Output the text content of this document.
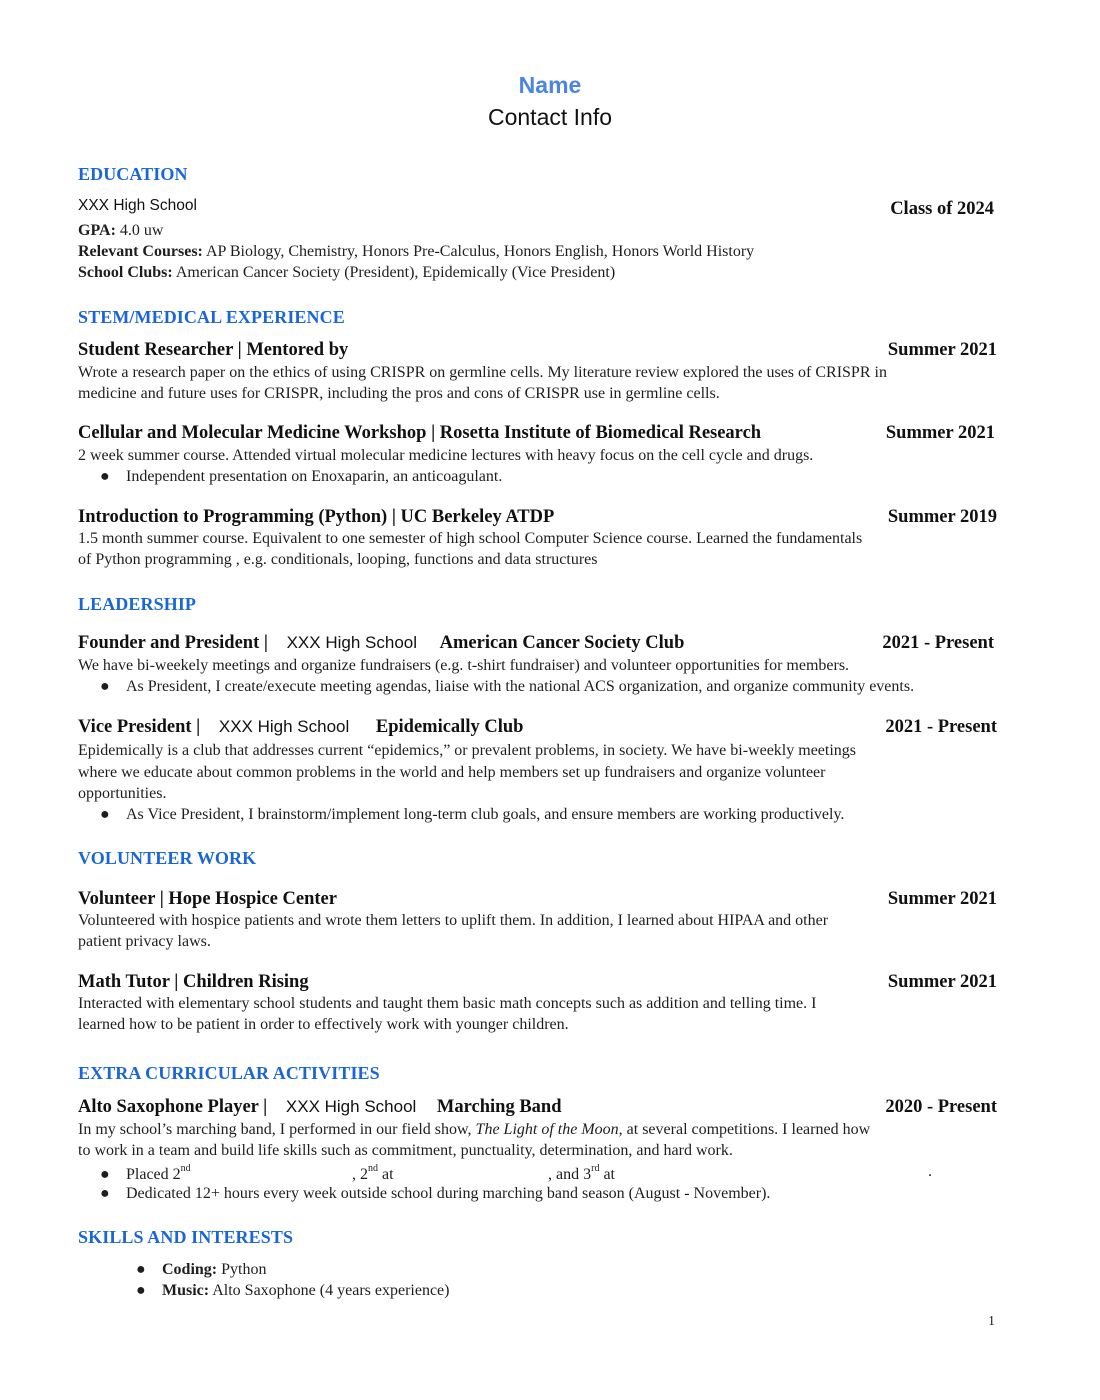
Name
Contact Info
EDUCATION
XXX High School	Class of 2024
GPA: 4.0 uw
Relevant Courses: AP Biology, Chemistry, Honors Pre-Calculus, Honors English, Honors World History
School Clubs: American Cancer Society (President), Epidemically (Vice President)
STEM/MEDICAL EXPERIENCE
Student Researcher | Mentored by	Summer 2021
Wrote a research paper on the ethics of using CRISPR on germline cells. My literature review explored the uses of CRISPR in
medicine and future uses for CRISPR, including the pros and cons of CRISPR use in germline cells.
Cellular and Molecular Medicine Workshop | Rosetta Institute of Biomedical Research	Summer 2021
2 week summer course. Attended virtual molecular medicine lectures with heavy focus on the cell cycle and drugs.
● Independent presentation on Enoxaparin, an anticoagulant.
Introduction to Programming (Python) | UC Berkeley ATDP	Summer 2019
1.5 month summer course. Equivalent to one semester of high school Computer Science course. Learned the fundamentals
of Python programming , e.g. conditionals, looping, functions and data structures
LEADERSHIP
Founder and President | XXX High School American Cancer Society Club	2021 - Present
We have bi-weekely meetings and organize fundraisers (e.g. t-shirt fundraiser) and volunteer opportunities for members.
● As President, I create/execute meeting agendas, liaise with the national ACS organization, and organize community events.
Vice President | XXX High School Epidemically Club	2021 - Present
Epidemically is a club that addresses current “epidemics,” or prevalent problems, in society. We have bi-weekly meetings
where we educate about common problems in the world and help members set up fundraisers and organize volunteer
opportunities.
● As Vice President, I brainstorm/implement long-term club goals, and ensure members are working productively.
VOLUNTEER WORK
Volunteer | Hope Hospice Center	Summer 2021
Volunteered with hospice patients and wrote them letters to uplift them. In addition, I learned about HIPAA and other
patient privacy laws.
Math Tutor | Children Rising	Summer 2021
Interacted with elementary school students and taught them basic math concepts such as addition and telling time. I
learned how to be patient in order to effectively work with younger children.
EXTRA CURRICULAR ACTIVITIES
Alto Saxophone Player | XXX High School Marching Band	2020 - Present
In my school’s marching band, I performed in our field show, The Light of the Moon, at several competitions. I learned how
to work in a team and build life skills such as commitment, punctuality, determination, and hard work.
● Placed 2nd	, 2nd at	, and 3rd at	.
● Dedicated 12+ hours every week outside school during marching band season (August - November).
SKILLS AND INTERESTS
● Coding: Python
● Music: Alto Saxophone (4 years experience)
1
